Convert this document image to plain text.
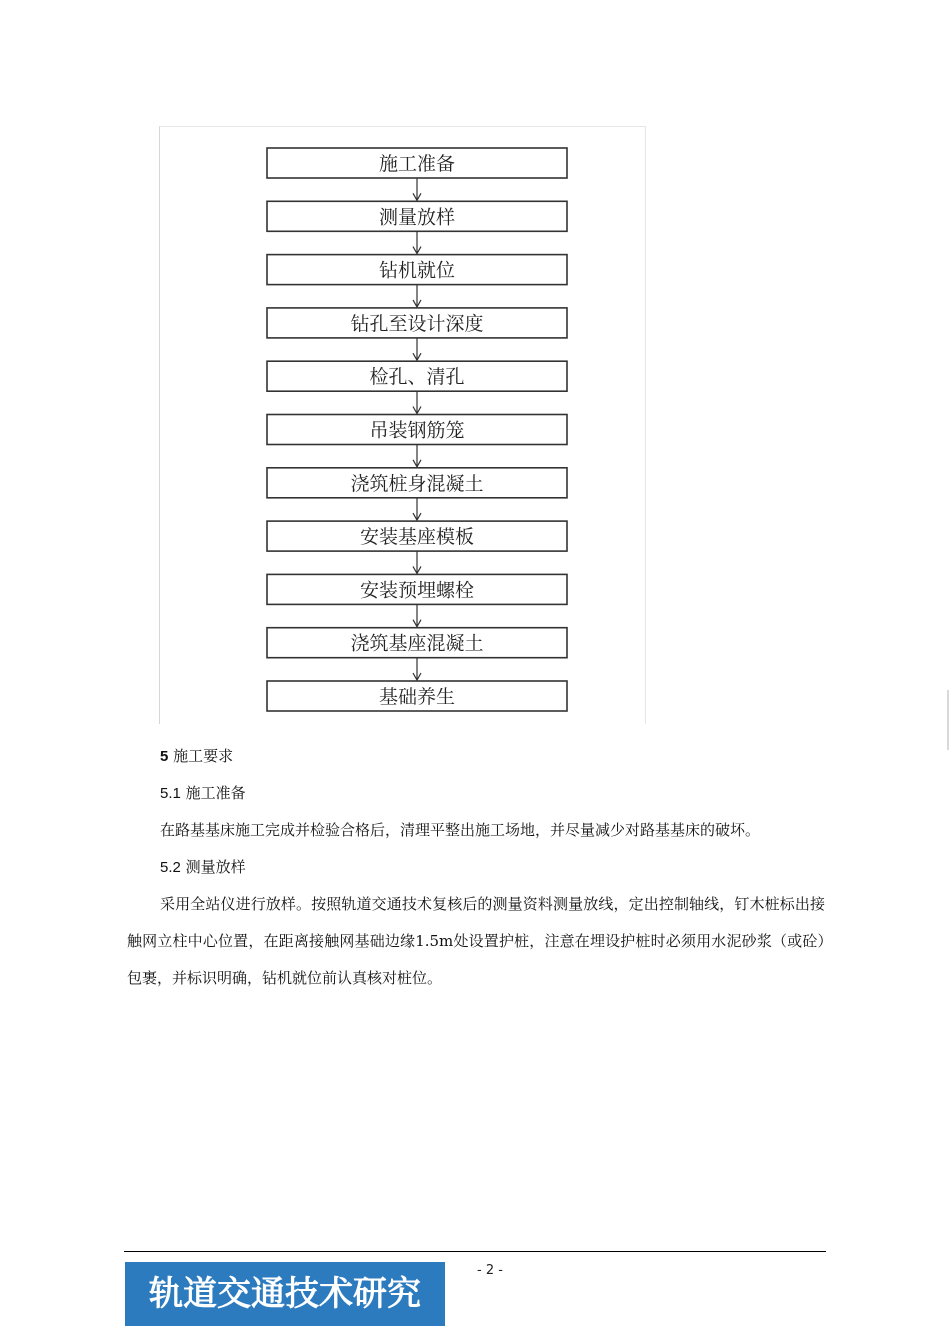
施工准备
测量放样
钻机就位
钻孔至设计深度
检孔、清孔
吊装钢筋笼
浇筑桩身混凝土
安装基座模板
安装预埋螺栓
浇筑基座混凝土
基础养生
5 施工要求
5.1 施工准备
在路基基床施工完成并检验合格后，清理平整出施工场地，并尽量减少对路基基床的破坏。
5.2 测量放样
采用全站仪进行放样。按照轨道交通技术复核后的测量资料测量放线，定出控制轴线，钉木桩标出接触网立柱中心位置，在距离接触网基础边缘1.5m处设置护桩，注意在埋设护桩时必须用水泥砂浆（或砼）包裹，并标识明确，钻机就位前认真核对桩位。
轨道交通技术研究
- 2 -
